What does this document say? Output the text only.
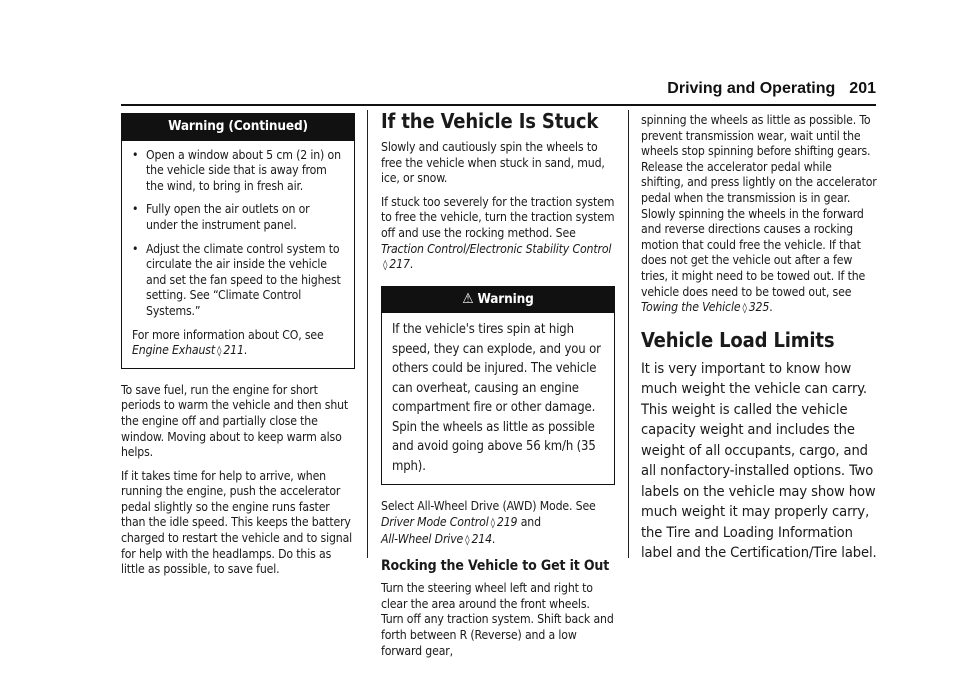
Driving and Operating 201
Warning (Continued)
• Open a window about 5 cm (2 in) on the vehicle side that is away from the wind, to bring in fresh air.
• Fully open the air outlets on or under the instrument panel.
• Adjust the climate control system to circulate the air inside the vehicle and set the fan speed to the highest setting. See “Climate Control Systems.”

For more information about CO, see
Engine Exhaust ◊ 211.

To save fuel, run the engine for short periods to warm the vehicle and then shut the engine off and partially close the window. Moving about to keep warm also helps.

If it takes time for help to arrive, when running the engine, push the accelerator pedal slightly so the engine runs faster than the idle speed. This keeps the battery charged to restart the vehicle and to signal for help with the headlamps. Do this as little as possible, to save fuel.

If the Vehicle Is Stuck

Slowly and cautiously spin the wheels to free the vehicle when stuck in sand, mud, ice, or snow.

If stuck too severely for the traction system to free the vehicle, turn the traction system off and use the rocking method. See Traction Control/Electronic Stability Control
◊ 217.

⚠ Warning

If the vehicle's tires spin at high speed, they can explode, and you or others could be injured. The vehicle can overheat, causing an engine compartment fire or other damage. Spin the wheels as little as possible and avoid going above 56 km/h (35 mph).

Select All-Wheel Drive (AWD) Mode. See
Driver Mode Control ◊ 219 and
All-Wheel Drive ◊ 214.

Rocking the Vehicle to Get it Out

Turn the steering wheel left and right to clear the area around the front wheels. Turn off any traction system. Shift back and forth between R (Reverse) and a low forward gear,

spinning the wheels as little as possible. To prevent transmission wear, wait until the wheels stop spinning before shifting gears. Release the accelerator pedal while shifting, and press lightly on the accelerator pedal when the transmission is in gear. Slowly spinning the wheels in the forward and reverse directions causes a rocking motion that could free the vehicle. If that does not get the vehicle out after a few tries, it might need to be towed out. If the vehicle does need to be towed out, see Towing the Vehicle ◊ 325.

Vehicle Load Limits

It is very important to know how much weight the vehicle can carry. This weight is called the vehicle capacity weight and includes the weight of all occupants, cargo, and all nonfactory-installed options. Two labels on the vehicle may show how much weight it may properly carry, the Tire and Loading Information label and the Certification/Tire label.
